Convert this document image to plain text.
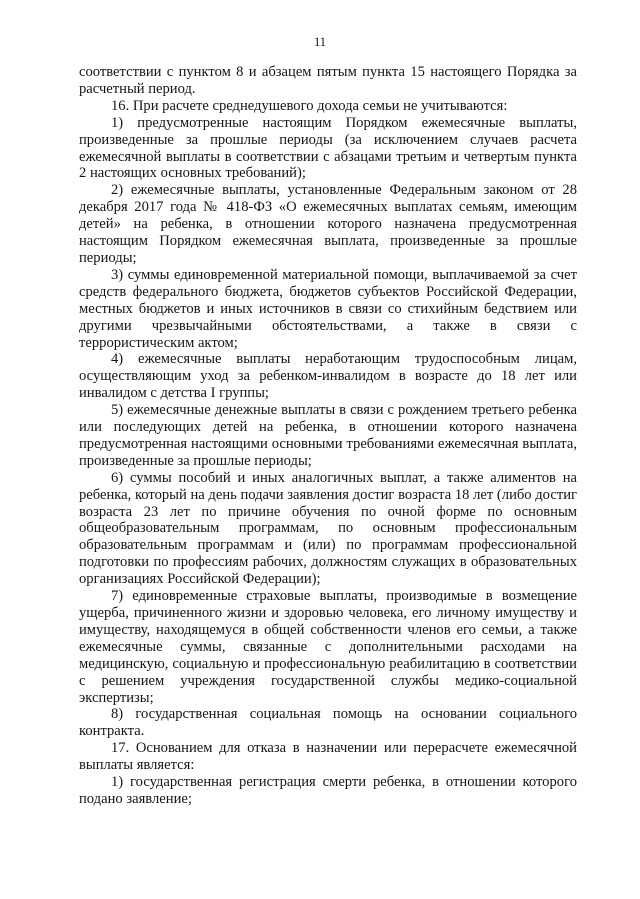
11

соответствии с пунктом 8 и абзацем пятым пункта 15 настоящего Порядка за расчетный период.

16. При расчете среднедушевого дохода семьи не учитываются:

1) предусмотренные настоящим Порядком ежемесячные выплаты, произведенные за прошлые периоды (за исключением случаев расчета ежемесячной выплаты в соответствии с абзацами третьим и четвертым пункта 2 настоящих основных требований);

2) ежемесячные выплаты, установленные Федеральным законом от 28 декабря 2017 года № 418-ФЗ «О ежемесячных выплатах семьям, имеющим детей» на ребенка, в отношении которого назначена предусмотренная настоящим Порядком ежемесячная выплата, произведенные за прошлые периоды;

3) суммы единовременной материальной помощи, выплачиваемой за счет средств федерального бюджета, бюджетов субъектов Российской Федерации, местных бюджетов и иных источников в связи со стихийным бедствием или другими чрезвычайными обстоятельствами, а также в связи с террористическим актом;

4) ежемесячные выплаты неработающим трудоспособным лицам, осуществляющим уход за ребенком-инвалидом в возрасте до 18 лет или инвалидом с детства I группы;

5) ежемесячные денежные выплаты в связи с рождением третьего ребенка или последующих детей на ребенка, в отношении которого назначена предусмотренная настоящими основными требованиями ежемесячная выплата, произведенные за прошлые периоды;

6) суммы пособий и иных аналогичных выплат, а также алиментов на ребенка, который на день подачи заявления достиг возраста 18 лет (либо достиг возраста 23 лет по причине обучения по очной форме по основным общеобразовательным программам, по основным профессиональным образовательным программам и (или) по программам профессиональной подготовки по профессиям рабочих, должностям служащих в образовательных организациях Российской Федерации);

7) единовременные страховые выплаты, производимые в возмещение ущерба, причиненного жизни и здоровью человека, его личному имуществу и имуществу, находящемуся в общей собственности членов его семьи, а также ежемесячные суммы, связанные с дополнительными расходами на медицинскую, социальную и профессиональную реабилитацию в соответствии с решением учреждения государственной службы медико-социальной экспертизы;

8) государственная социальная помощь на основании социального контракта.

17. Основанием для отказа в назначении или перерасчете ежемесячной выплаты является:

1) государственная регистрация смерти ребенка, в отношении которого подано заявление;
